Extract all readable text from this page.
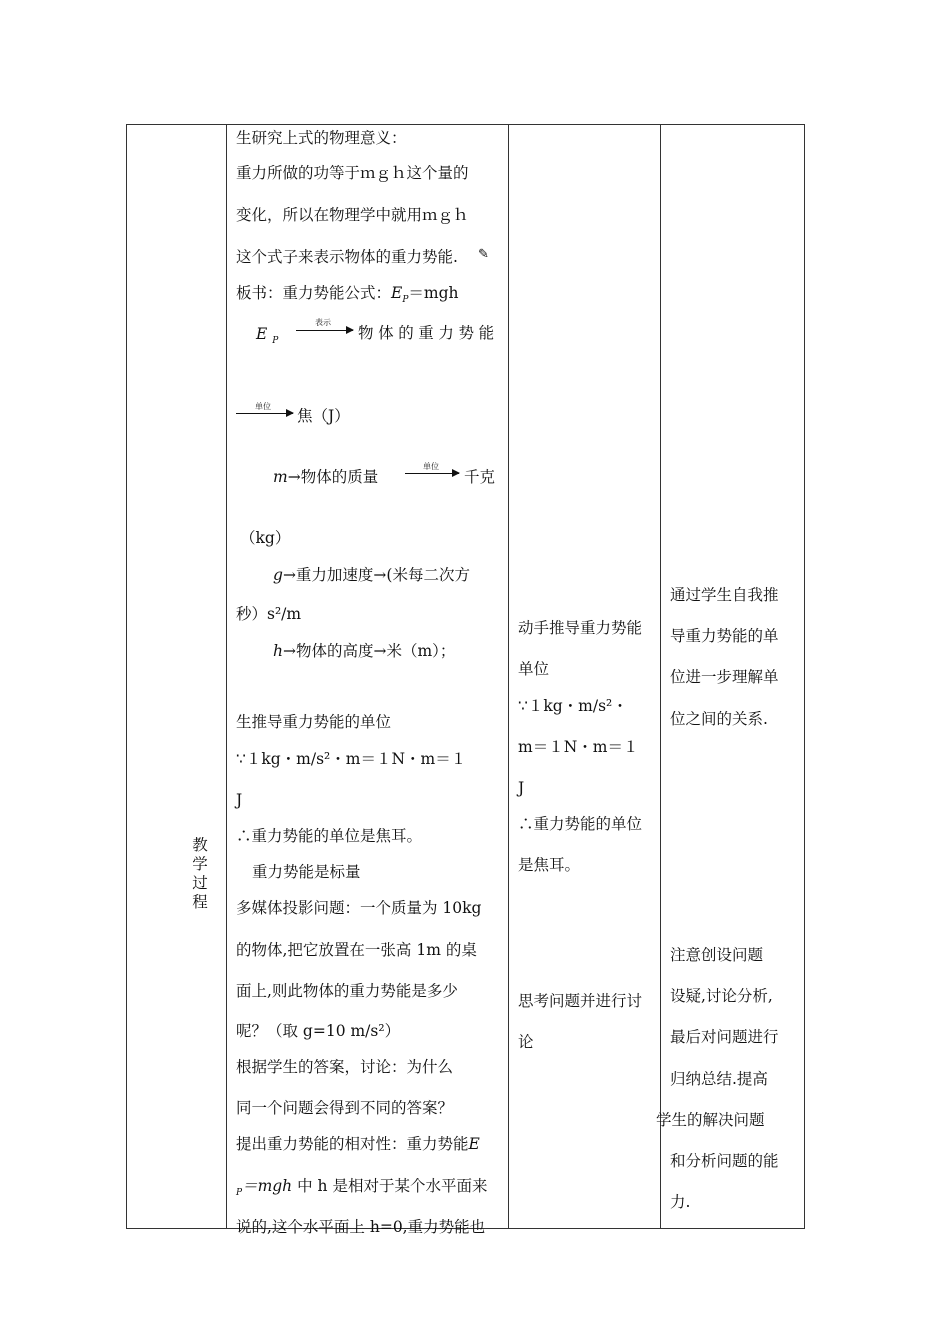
教学过程
生研究上式的物理意义：
重力所做的功等于ｍｇｈ这个量的
变化，所以在物理学中就用ｍｇｈ
这个式子来表示物体的重力势能. ✎
板书：重力势能公式：$E_P=mgh$
E $_P$
表示
物体的重力势能
单位
焦（J）
m→物体的质量
单位
千克
（kg）
g→重力加速度→(米每二次方
秒）s²/m
h→物体的高度→米（m）；
生推导重力势能的单位
∵１kg・m/s²・m＝１N・m＝１
J
∴重力势能的单位是焦耳。
重力势能是标量
多媒体投影问题：一个质量为 10kg
的物体,把它放置在一张高 1m 的桌
面上,则此物体的重力势能是多少
呢？（取 g=10 m/s²）
根据学生的答案，讨论：为什么
同一个问题会得到不同的答案？
提出重力势能的相对性：重力势能E
$_P$＝mgh 中 h 是相对于某个水平面来
说的,这个水平面上 h=0,重力势能也
动手推导重力势能
单位
∵１kg・m/s²・
m＝１N・m＝１
J
∴重力势能的单位
是焦耳。
思考问题并进行讨
论
通过学生自我推
导重力势能的单
位进一步理解单
位之间的关系.
注意创设问题
设疑,讨论分析,
最后对问题进行
归纳总结.提高
学生的解决问题
和分析问题的能
力.
